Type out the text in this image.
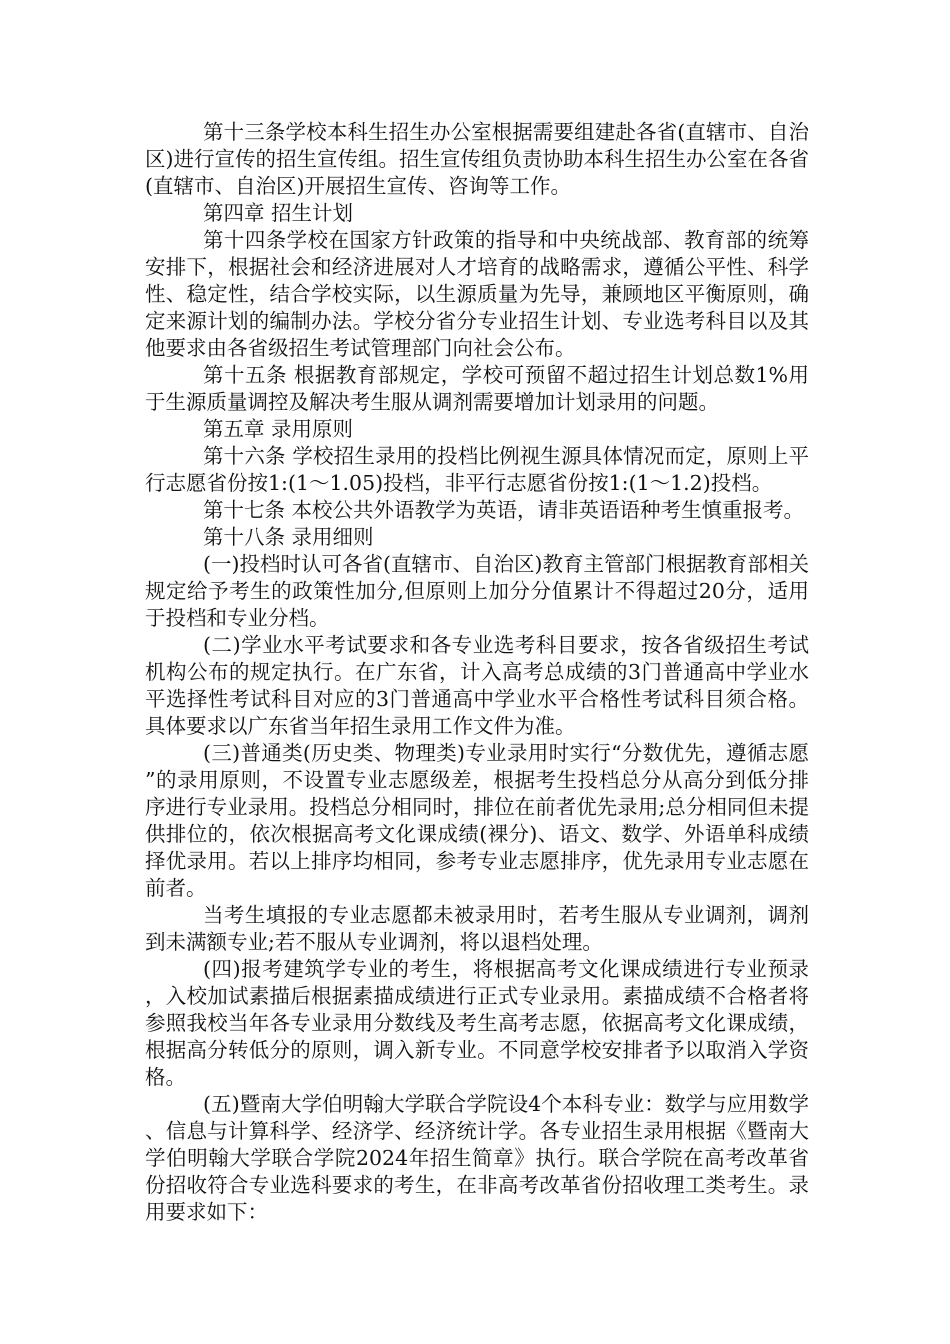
第十三条学校本科生招生办公室根据需要组建赴各省(直辖市、自治区)进行宣传的招生宣传组。招生宣传组负责协助本科生招生办公室在各省(直辖市、自治区)开展招生宣传、咨询等工作。

第四章 招生计划

第十四条学校在国家方针政策的指导和中央统战部、教育部的统筹安排下，根据社会和经济进展对人才培育的战略需求，遵循公平性、科学性、稳定性，结合学校实际，以生源质量为先导，兼顾地区平衡原则，确定来源计划的编制办法。学校分省分专业招生计划、专业选考科目以及其他要求由各省级招生考试管理部门向社会公布。

第十五条 根据教育部规定，学校可预留不超过招生计划总数1%用于生源质量调控及解决考生服从调剂需要增加计划录用的问题。

第五章 录用原则

第十六条 学校招生录用的投档比例视生源具体情况而定，原则上平行志愿省份按1:(1～1.05)投档，非平行志愿省份按1:(1～1.2)投档。

第十七条 本校公共外语教学为英语，请非英语语种考生慎重报考。

第十八条 录用细则

(一)投档时认可各省(直辖市、自治区)教育主管部门根据教育部相关规定给予考生的政策性加分,但原则上加分分值累计不得超过20分，适用于投档和专业分档。

(二)学业水平考试要求和各专业选考科目要求，按各省级招生考试机构公布的规定执行。在广东省，计入高考总成绩的3门普通高中学业水平选择性考试科目对应的3门普通高中学业水平合格性考试科目须合格。具体要求以广东省当年招生录用工作文件为准。

(三)普通类(历史类、物理类)专业录用时实行“分数优先，遵循志愿”的录用原则，不设置专业志愿级差，根据考生投档总分从高分到低分排序进行专业录用。投档总分相同时，排位在前者优先录用;总分相同但未提供排位的，依次根据高考文化课成绩(裸分)、语文、数学、外语单科成绩择优录用。若以上排序均相同，参考专业志愿排序，优先录用专业志愿在前者。

当考生填报的专业志愿都未被录用时，若考生服从专业调剂，调剂到未满额专业;若不服从专业调剂，将以退档处理。

(四)报考建筑学专业的考生，将根据高考文化课成绩进行专业预录，入校加试素描后根据素描成绩进行正式专业录用。素描成绩不合格者将参照我校当年各专业录用分数线及考生高考志愿，依据高考文化课成绩，根据高分转低分的原则，调入新专业。不同意学校安排者予以取消入学资格。

(五)暨南大学伯明翰大学联合学院设4个本科专业：数学与应用数学、信息与计算科学、经济学、经济统计学。各专业招生录用根据《暨南大学伯明翰大学联合学院2024年招生简章》执行。联合学院在高考改革省份招收符合专业选科要求的考生，在非高考改革省份招收理工类考生。录用要求如下：
